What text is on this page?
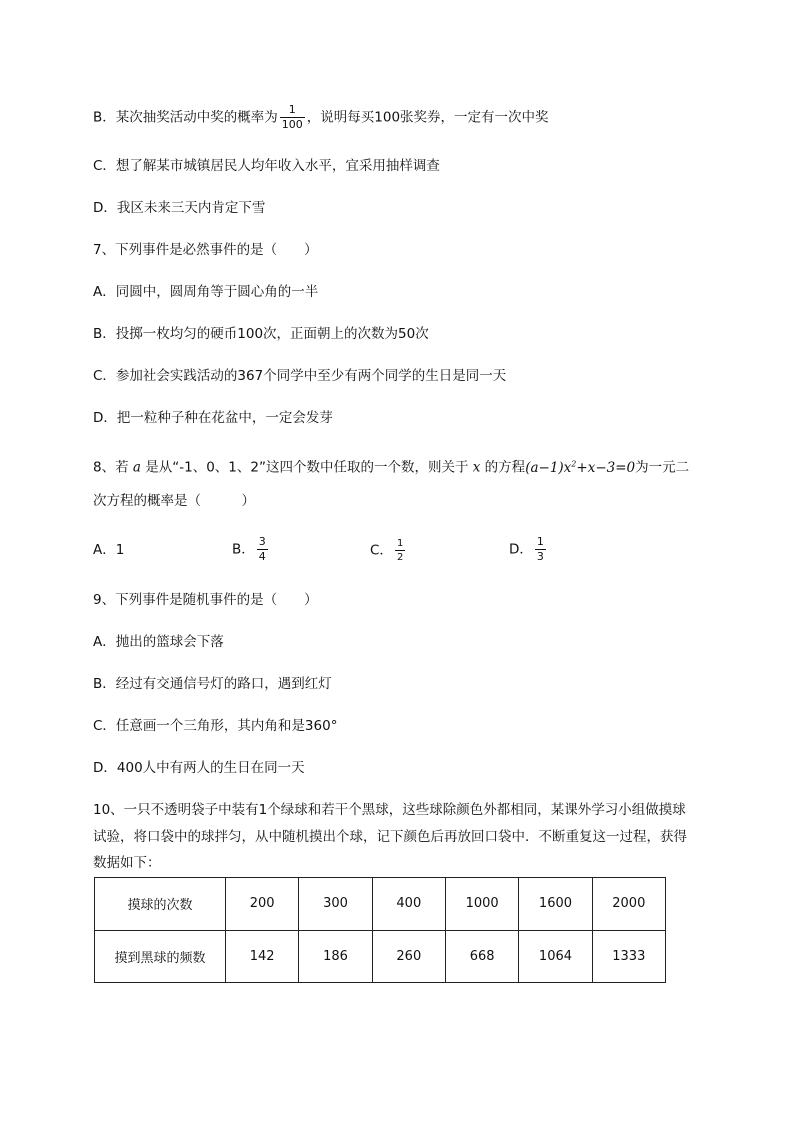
B．某次抽奖活动中奖的概率为 $\frac{1}{100}$ ，说明每买100张奖券，一定有一次中奖
C．想了解某市城镇居民人均年收入水平，宜采用抽样调查
D．我区未来三天内肯定下雪
7、下列事件是必然事件的是（　　）
A．同圆中，圆周角等于圆心角的一半
B．投掷一枚均匀的硬币100次，正面朝上的次数为50次
C．参加社会实践活动的367个同学中至少有两个同学的生日是同一天
D．把一粒种子种在花盆中，一定会发芽
8、若 a 是从“-1、0、1、2”这四个数中任取的一个数，则关于 x 的方程$(a-1)x^2+x-3=0$为一元二
次方程的概率是（　　　）
A．1	B． $\frac{3}{4}$	C． $\frac{1}{2}$	D． $\frac{1}{3}$
9、下列事件是随机事件的是（　　）
A．抛出的篮球会下落
B．经过有交通信号灯的路口，遇到红灯
C．任意画一个三角形，其内角和是360°
D．400人中有两人的生日在同一天
10、一只不透明袋子中装有1个绿球和若干个黑球，这些球除颜色外都相同，某课外学习小组做摸球
试验，将口袋中的球拌匀，从中随机摸出个球，记下颜色后再放回口袋中．不断重复这一过程，获得
数据如下：
摸球的次数	200	300	400	1000	1600	2000
摸到黑球的频数	142	186	260	668	1064	1333
